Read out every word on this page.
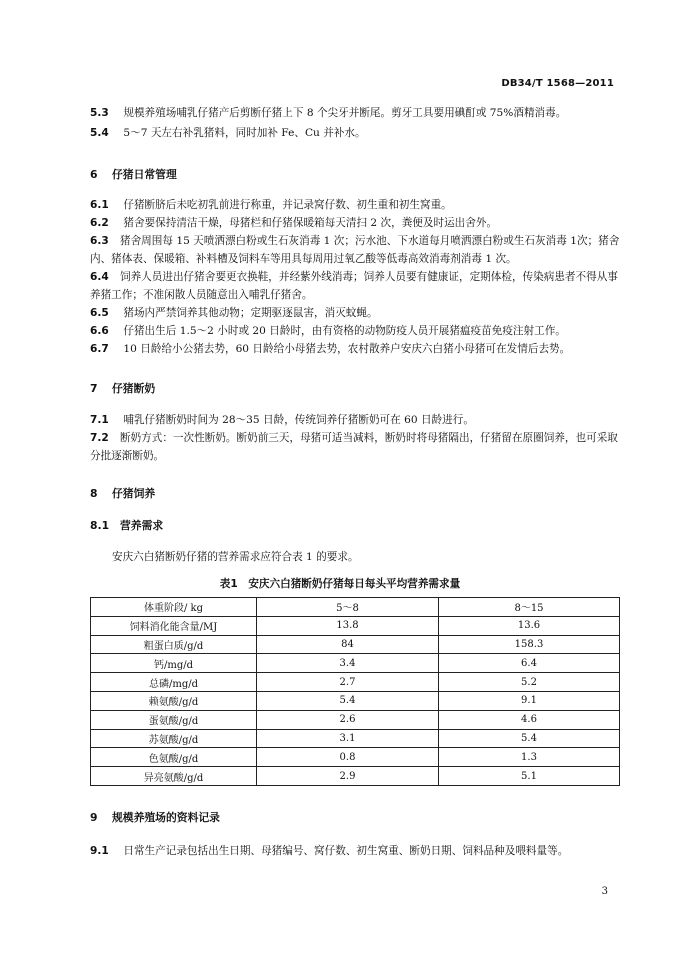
DB34/T 1568—2011
5.3 规模养殖场哺乳仔猪产后剪断仔猪上下 8 个尖牙并断尾。剪牙工具要用碘酊或 75%酒精消毒。
5.4 5～7 天左右补乳猪料，同时加补 Fe、Cu 并补水。
6 仔猪日常管理
6.1 仔猪断脐后未吃初乳前进行称重，并记录窝仔数、初生重和初生窝重。
6.2 猪舍要保持清洁干燥，母猪栏和仔猪保暖箱每天清扫 2 次，粪便及时运出舍外。
6.3 猪舍周围每 15 天喷洒漂白粉或生石灰消毒 1 次；污水池、下水道每月喷洒漂白粉或生石灰消毒 1次；猪舍内、猪体表、保暖箱、补料槽及饲料车等用具每周用过氧乙酸等低毒高效消毒剂消毒 1 次。
6.4 饲养人员进出仔猪舍要更衣换鞋，并经紫外线消毒；饲养人员要有健康证，定期体检，传染病患者不得从事养猪工作；不准闲散人员随意出入哺乳仔猪舍。
6.5 猪场内严禁饲养其他动物；定期驱逐鼠害，消灭蚊蝇。
6.6 仔猪出生后 1.5～2 小时或 20 日龄时，由有资格的动物防疫人员开展猪瘟疫苗免疫注射工作。
6.7 10 日龄给小公猪去势，60 日龄给小母猪去势，农村散养户安庆六白猪小母猪可在发情后去势。
7 仔猪断奶
7.1 哺乳仔猪断奶时间为 28～35 日龄，传统饲养仔猪断奶可在 60 日龄进行。
7.2 断奶方式：一次性断奶。断奶前三天，母猪可适当减料，断奶时将母猪隔出，仔猪留在原圈饲养，也可采取分批逐渐断奶。
8 仔猪饲养
8.1 营养需求
安庆六白猪断奶仔猪的营养需求应符合表 1 的要求。
表1　安庆六白猪断奶仔猪每日每头平均营养需求量
体重阶段/ kg	5～8	8～15
饲料消化能含量/MJ	13.8	13.6
粗蛋白质/g/d	84	158.3
钙/mg/d	3.4	6.4
总磷/mg/d	2.7	5.2
赖氨酸/g/d	5.4	9.1
蛋氨酸/g/d	2.6	4.6
苏氨酸/g/d	3.1	5.4
色氨酸/g/d	0.8	1.3
异亮氨酸/g/d	2.9	5.1
9 规模养殖场的资料记录
9.1 日常生产记录包括出生日期、母猪编号、窝仔数、初生窝重、断奶日期、饲料品种及喂料量等。
3
